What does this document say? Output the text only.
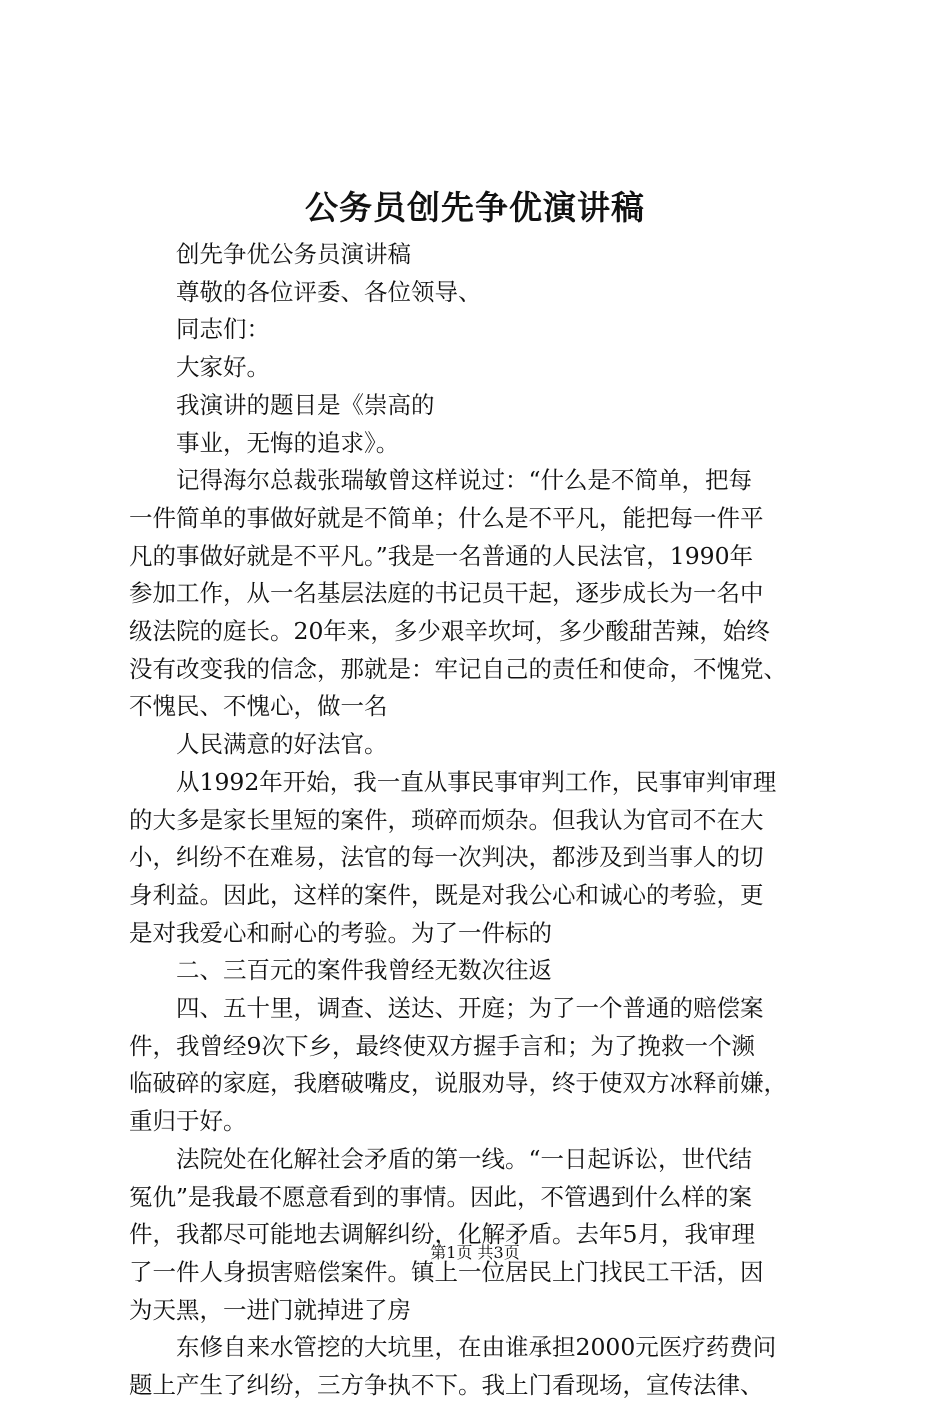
公务员创先争优演讲稿

创先争优公务员演讲稿

尊敬的各位评委、各位领导、

同志们：

大家好。

我演讲的题目是《崇高的

事业，无悔的追求》。

记得海尔总裁张瑞敏曾这样说过：“什么是不简单，把每

一件简单的事做好就是不简单；什么是不平凡，能把每一件平

凡的事做好就是不平凡。”我是一名普通的人民法官，1990年

参加工作，从一名基层法庭的书记员干起，逐步成长为一名中

级法院的庭长。20年来，多少艰辛坎坷，多少酸甜苦辣，始终

没有改变我的信念，那就是：牢记自己的责任和使命，不愧党、

不愧民、不愧心，做一名

人民满意的好法官。

从1992年开始，我一直从事民事审判工作，民事审判审理

的大多是家长里短的案件，琐碎而烦杂。但我认为官司不在大

小，纠纷不在难易，法官的每一次判决，都涉及到当事人的切

身利益。因此，这样的案件，既是对我公心和诚心的考验，更

是对我爱心和耐心的考验。为了一件标的

二、三百元的案件我曾经无数次往返

四、五十里，调查、送达、开庭；为了一个普通的赔偿案

件，我曾经9次下乡，最终使双方握手言和；为了挽救一个濒

临破碎的家庭，我磨破嘴皮，说服劝导，终于使双方冰释前嫌，

重归于好。

法院处在化解社会矛盾的第一线。“一日起诉讼，世代结

冤仇”是我最不愿意看到的事情。因此，不管遇到什么样的案

件，我都尽可能地去调解纠纷，化解矛盾。去年5月，我审理

了一件人身损害赔偿案件。镇上一位居民上门找民工干活，因

为天黑，一进门就掉进了房

东修自来水管挖的大坑里，在由谁承担2000元医疗药费问

题上产生了纠纷，三方争执不下。我上门看现场，宣传法律、

第1页 共3页
